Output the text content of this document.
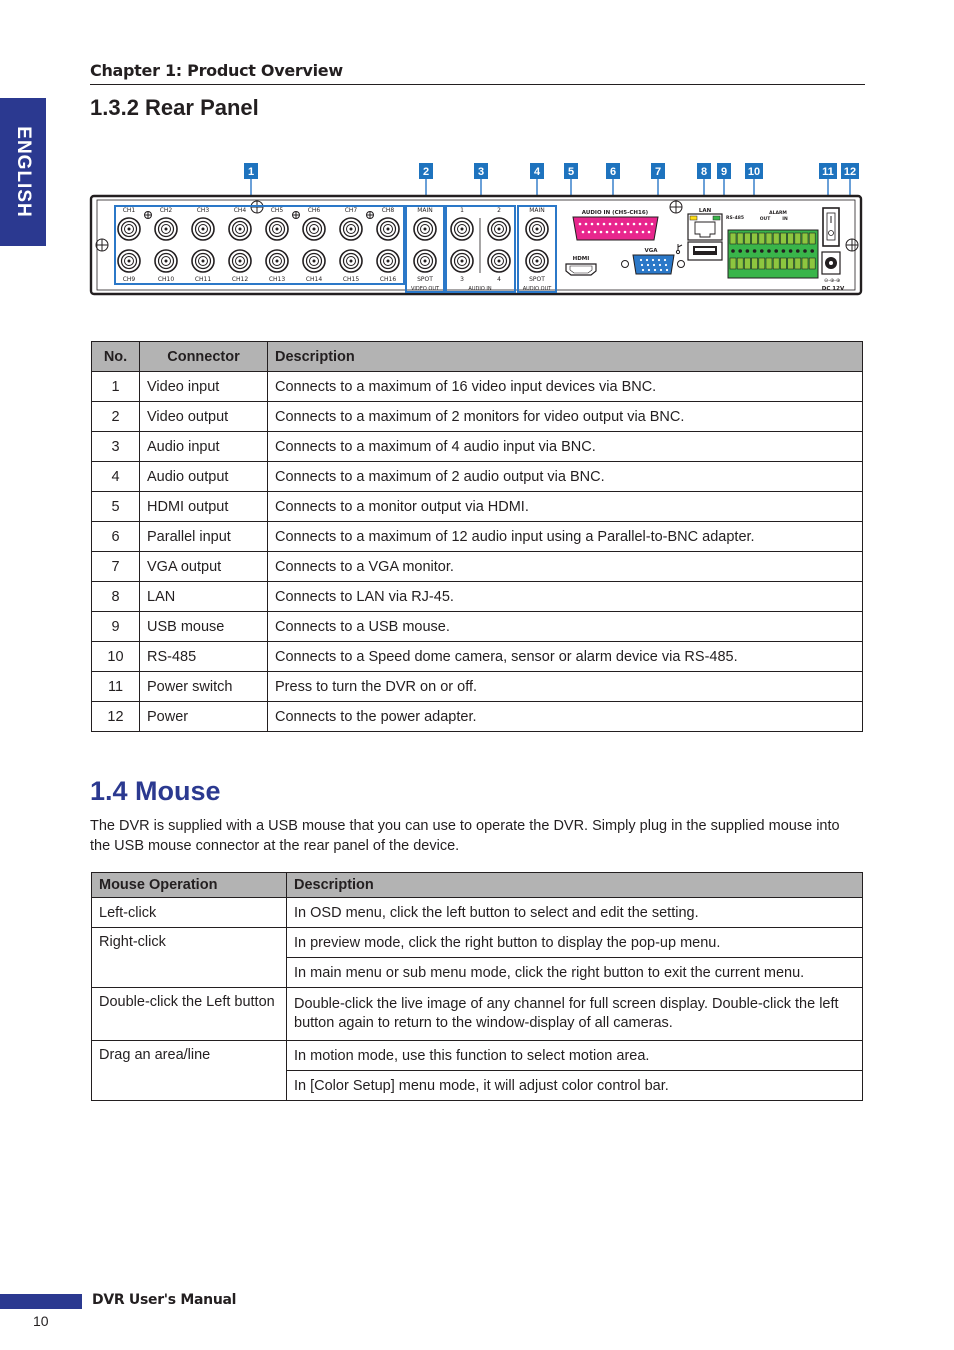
ENGLISH
Chapter 1: Product Overview
1.3.2 Rear Panel
1	2	3	4	5	6	7	8 9 10	11 12
CH1
CH9
CH2
CH10
CH3
CH11
CH4
CH12
CH5
CH13
CH6
CH14
CH7
CH15
CH8
CH16
MAIN
SPOT
VIDEO OUT
1	2
3	4
AUDIO IN
MAIN
SPOT
AUDIO OUT
AUDIO IN (CH5-CH16)
HDMI
VGA
LAN
RS-485
ALARM
OUT	IN
DC 12V
⊖-⊕-⊕
No.	Connector	Description
1	Video input	Connects to a maximum of 16 video input devices via BNC.
2	Video output	Connects to a maximum of 2 monitors for video output via BNC.
3	Audio input	Connects to a maximum of 4 audio input via BNC.
4	Audio output	Connects to a maximum of 2 audio output via BNC.
5	HDMI output	Connects to a monitor output via HDMI.
6	Parallel input	Connects to a maximum of 12 audio input using a Parallel-to-BNC adapter.
7	VGA output	Connects to a VGA monitor.
8	LAN	Connects to LAN via RJ-45.
9	USB mouse	Connects to a USB mouse.
10	RS-485	Connects to a Speed dome camera, sensor or alarm device via RS-485.
11	Power switch	Press to turn the DVR on or off.
12	Power	Connects to the power adapter.
1.4 Mouse
The DVR is supplied with a USB mouse that you can use to operate the DVR. Simply plug in the supplied mouse into the USB mouse connector at the rear panel of the device.
Mouse Operation	Description
Left-click	In OSD menu, click the left button to select and edit the setting.
Right-click	In preview mode, click the right button to display the pop-up menu.
	In main menu or sub menu mode, click the right button to exit the current menu.
Double-click the Left button	Double-click the live image of any channel for full screen display. Double-click the left button again to return to the window-display of all cameras.
Drag an area/line	In motion mode, use this function to select motion area.
	In [Color Setup] menu mode, it will adjust color control bar.
DVR User's Manual
10
